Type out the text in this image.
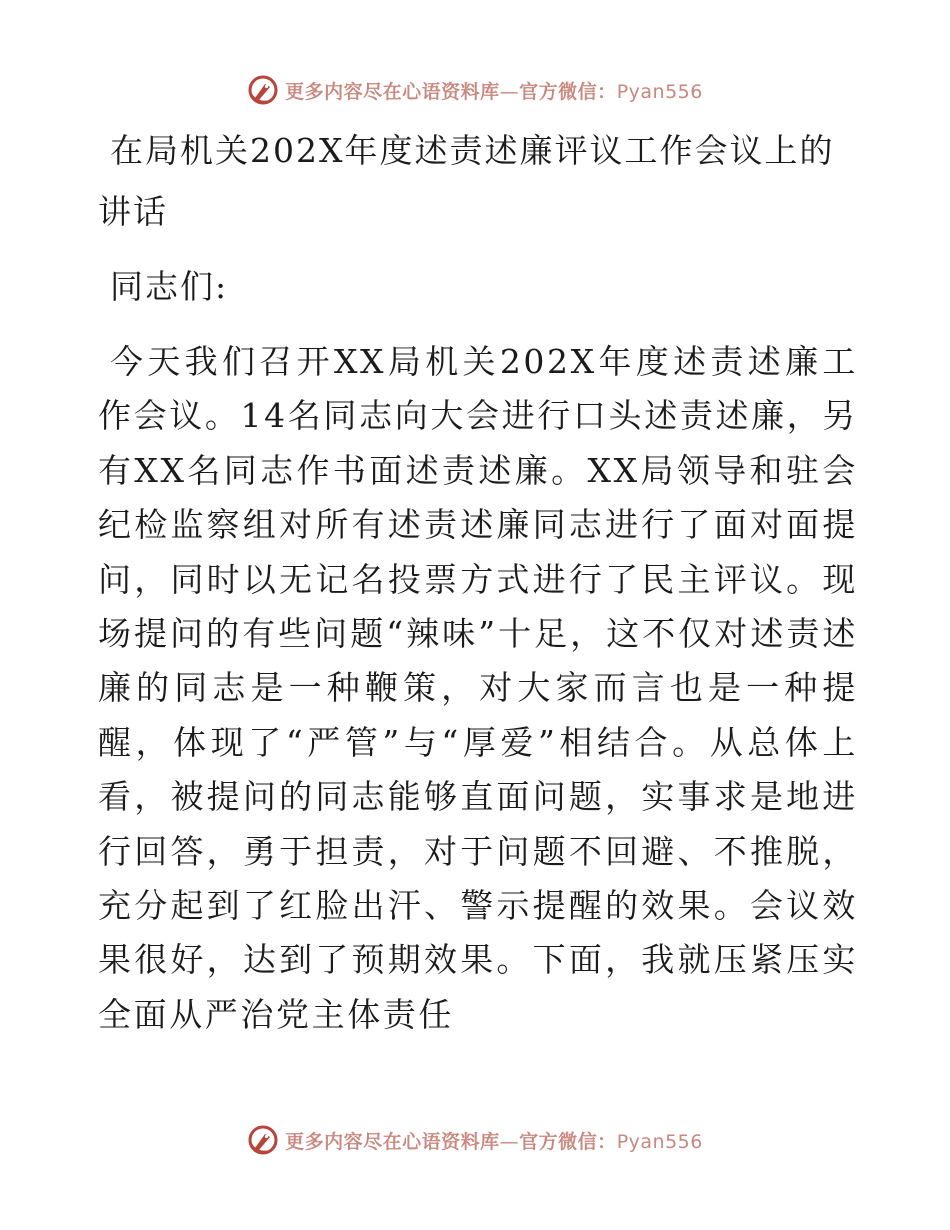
更多内容尽在心语资料库—官方微信：Pyan556
在局机关202X年度述责述廉评议工作会议上的讲话

同志们:

今天我们召开XX局机关202X年度述责述廉工作会议。14名同志向大会进行口头述责述廉，另有XX名同志作书面述责述廉。XX局领导和驻会纪检监察组对所有述责述廉同志进行了面对面提问，同时以无记名投票方式进行了民主评议。现场提问的有些问题“辣味”十足，这不仅对述责述廉的同志是一种鞭策，对大家而言也是一种提醒，体现了“严管”与“厚爱”相结合。从总体上看，被提问的同志能够直面问题，实事求是地进行回答，勇于担责，对于问题不回避、不推脱，充分起到了红脸出汗、警示提醒的效果。会议效果很好，达到了预期效果。下面，我就压紧压实全面从严治党主体责任

更多内容尽在心语资料库—官方微信：Pyan556
